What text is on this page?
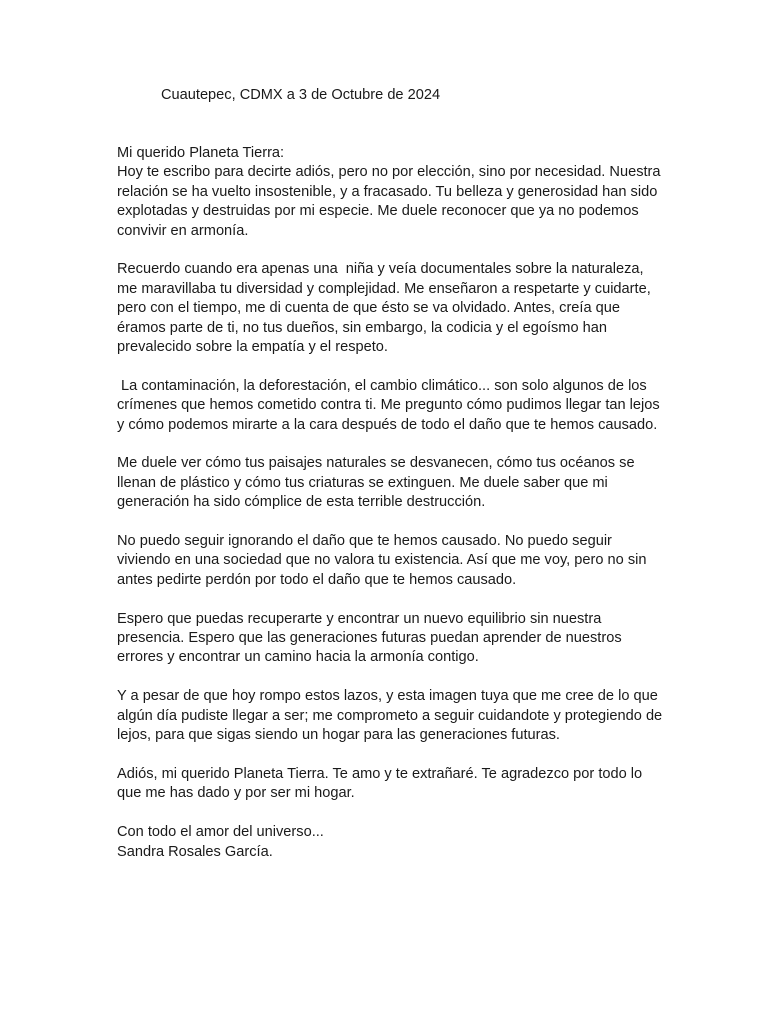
Cuautepec, CDMX a 3 de Octubre de 2024
Mi querido Planeta Tierra:
Hoy te escribo para decirte adiós, pero no por elección, sino por necesidad. Nuestra
relación se ha vuelto insostenible, y a fracasado. Tu belleza y generosidad han sido
explotadas y destruidas por mi especie. Me duele reconocer que ya no podemos
convivir en armonía.
Recuerdo cuando era apenas una  niña y veía documentales sobre la naturaleza,
me maravillaba tu diversidad y complejidad. Me enseñaron a respetarte y cuidarte,
pero con el tiempo, me di cuenta de que ésto se va olvidado. Antes, creía que
éramos parte de ti, no tus dueños, sin embargo, la codicia y el egoísmo han
prevalecido sobre la empatía y el respeto.
La contaminación, la deforestación, el cambio climático... son solo algunos de los
crímenes que hemos cometido contra ti. Me pregunto cómo pudimos llegar tan lejos
y cómo podemos mirarte a la cara después de todo el daño que te hemos causado.
Me duele ver cómo tus paisajes naturales se desvanecen, cómo tus océanos se
llenan de plástico y cómo tus criaturas se extinguen. Me duele saber que mi
generación ha sido cómplice de esta terrible destrucción.
No puedo seguir ignorando el daño que te hemos causado. No puedo seguir
viviendo en una sociedad que no valora tu existencia. Así que me voy, pero no sin
antes pedirte perdón por todo el daño que te hemos causado.
Espero que puedas recuperarte y encontrar un nuevo equilibrio sin nuestra
presencia. Espero que las generaciones futuras puedan aprender de nuestros
errores y encontrar un camino hacia la armonía contigo.
Y a pesar de que hoy rompo estos lazos, y esta imagen tuya que me cree de lo que
algún día pudiste llegar a ser; me comprometo a seguir cuidandote y protegiendo de
lejos, para que sigas siendo un hogar para las generaciones futuras.
Adiós, mi querido Planeta Tierra. Te amo y te extrañaré. Te agradezco por todo lo
que me has dado y por ser mi hogar.
Con todo el amor del universo...
Sandra Rosales García.
